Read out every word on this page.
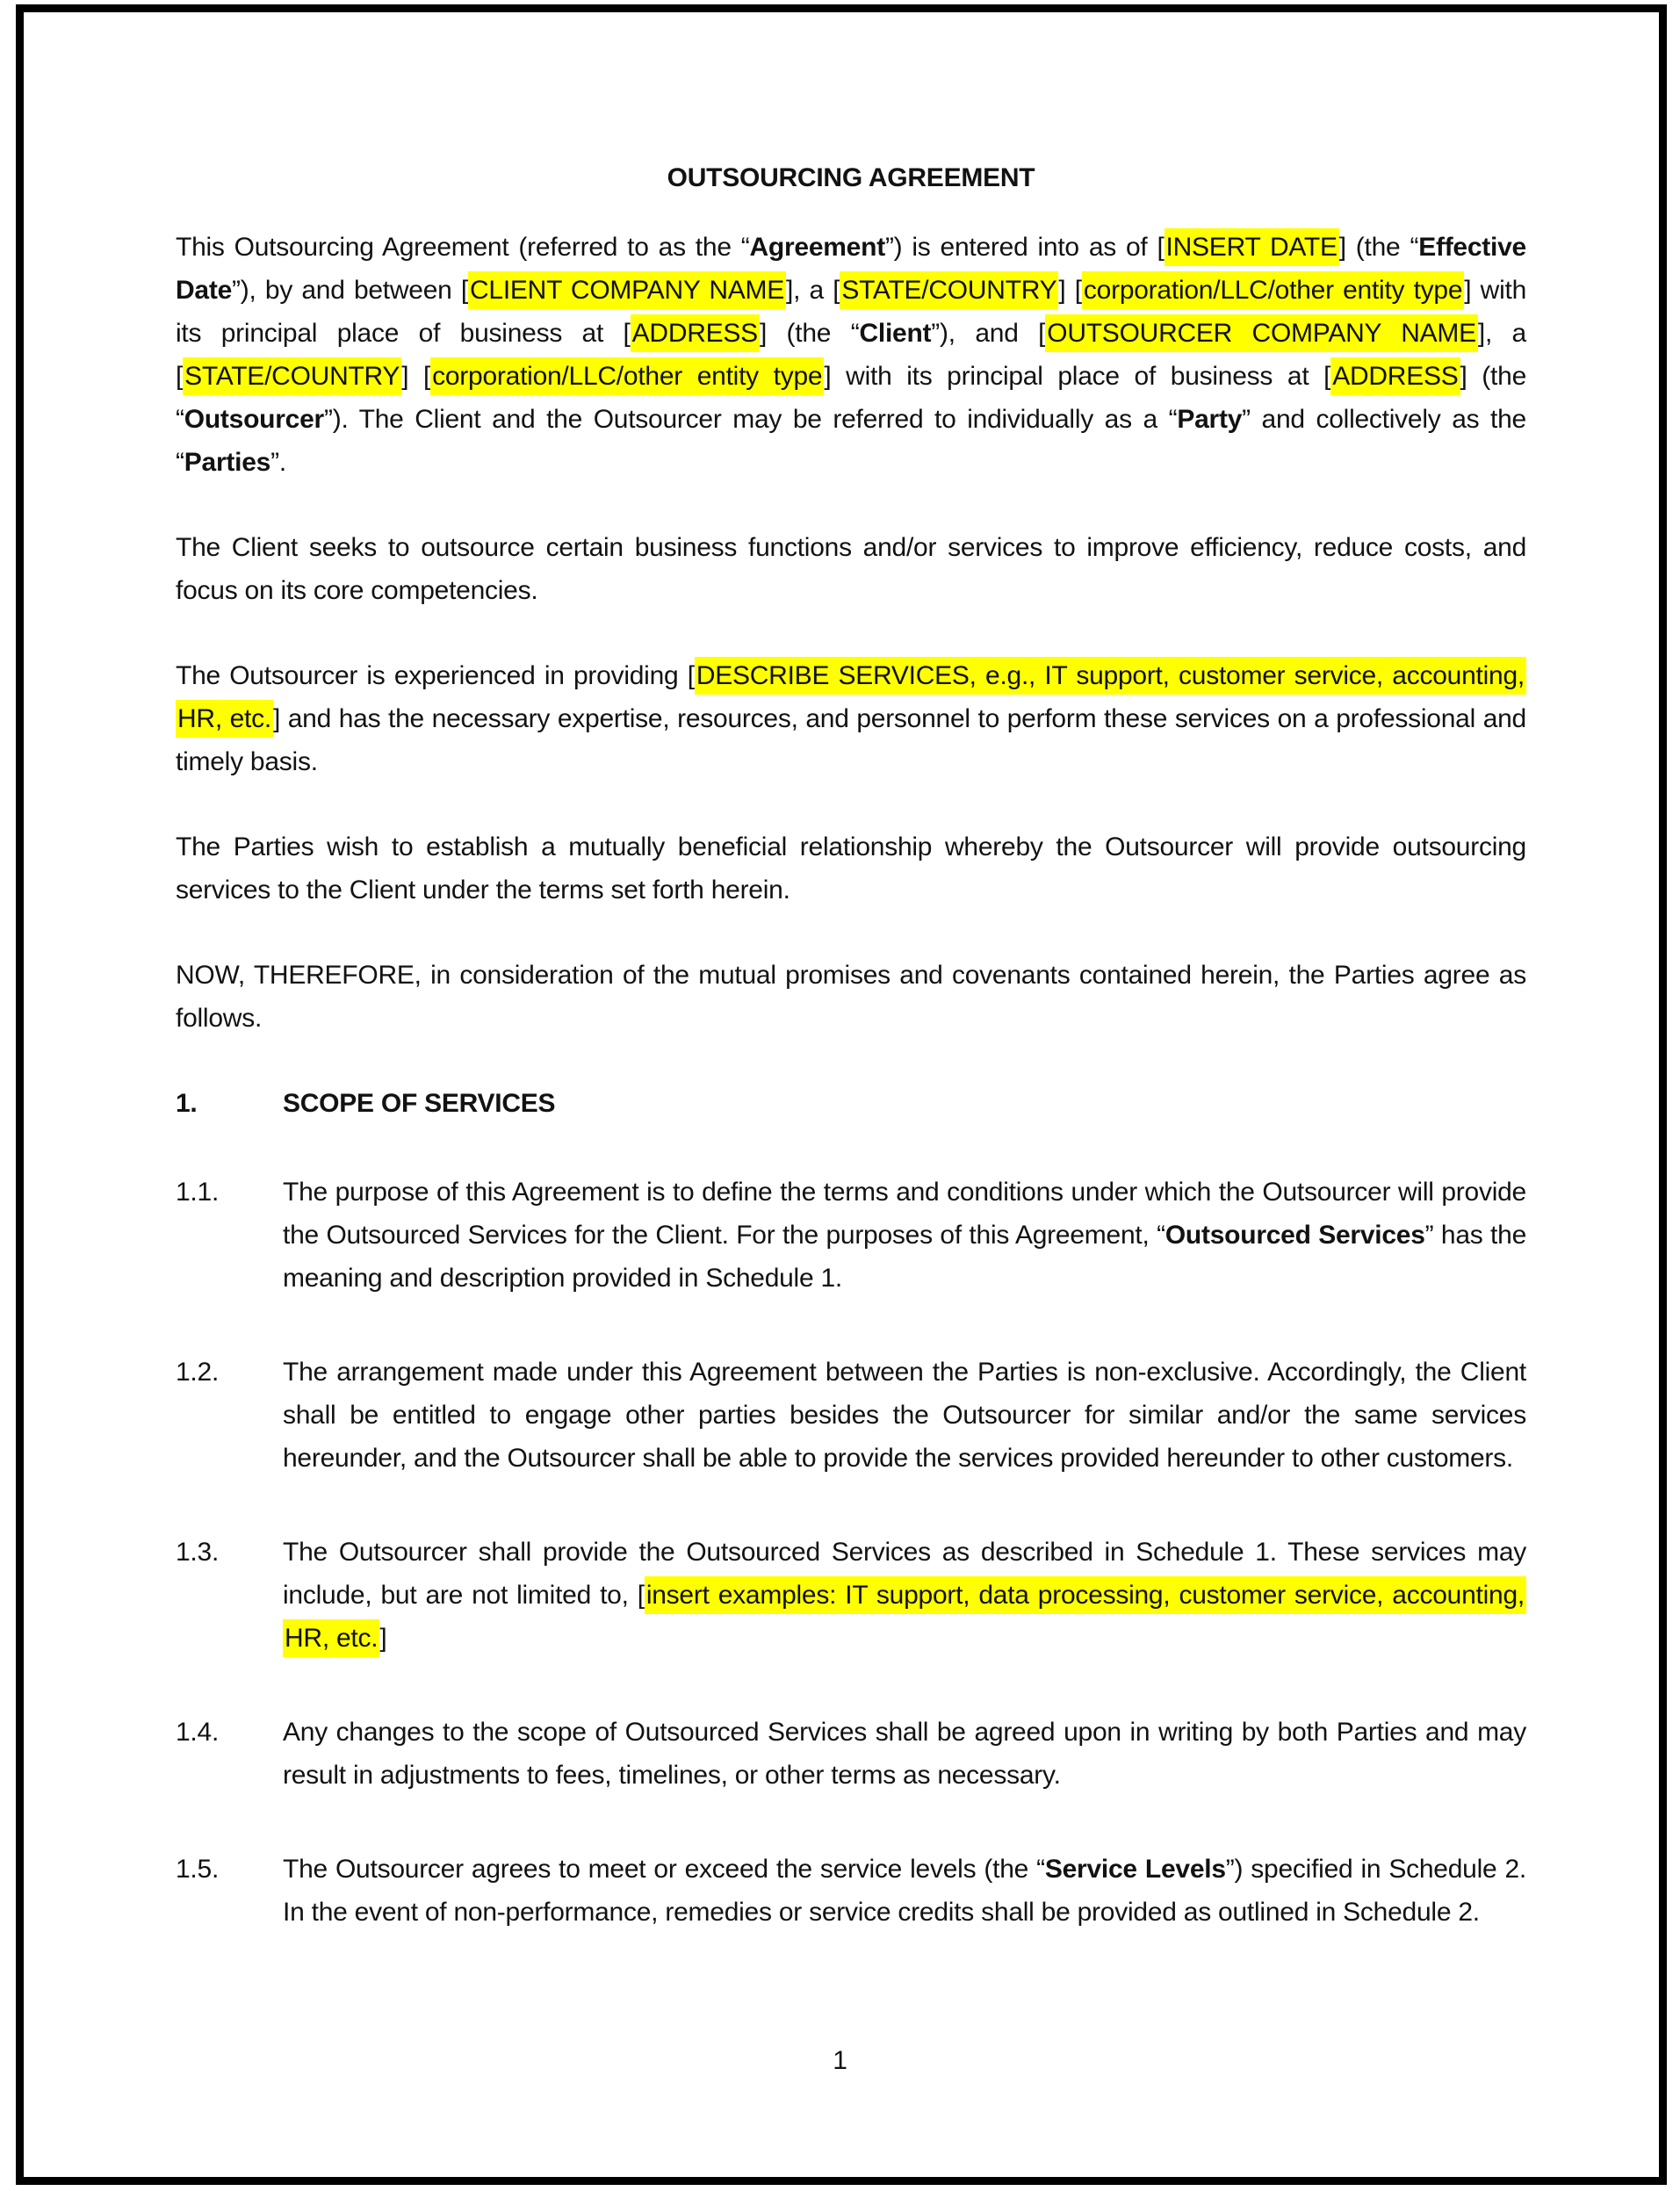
OUTSOURCING AGREEMENT

This Outsourcing Agreement (referred to as the “Agreement”) is entered into as of [INSERT DATE] (the “Effective Date”), by and between [CLIENT COMPANY NAME], a [STATE/COUNTRY] [corporation/LLC/other entity type] with its principal place of business at [ADDRESS] (the “Client”), and [OUTSOURCER COMPANY NAME], a [STATE/COUNTRY] [corporation/LLC/other entity type] with its principal place of business at [ADDRESS] (the “Outsourcer”). The Client and the Outsourcer may be referred to individually as a “Party” and collectively as the “Parties”.

The Client seeks to outsource certain business functions and/or services to improve efficiency, reduce costs, and focus on its core competencies.

The Outsourcer is experienced in providing [DESCRIBE SERVICES, e.g., IT support, customer service, accounting, HR, etc.] and has the necessary expertise, resources, and personnel to perform these services on a professional and timely basis.

The Parties wish to establish a mutually beneficial relationship whereby the Outsourcer will provide outsourcing services to the Client under the terms set forth herein.

NOW, THEREFORE, in consideration of the mutual promises and covenants contained herein, the Parties agree as follows.

1.	SCOPE OF SERVICES
1.1. The purpose of this Agreement is to define the terms and conditions under which the Outsourcer will provide the Outsourced Services for the Client. For the purposes of this Agreement, “Outsourced Services” has the meaning and description provided in Schedule 1.
1.2. The arrangement made under this Agreement between the Parties is non-exclusive. Accordingly, the Client shall be entitled to engage other parties besides the Outsourcer for similar and/or the same services hereunder, and the Outsourcer shall be able to provide the services provided hereunder to other customers.
1.3. The Outsourcer shall provide the Outsourced Services as described in Schedule 1. These services may include, but are not limited to, [insert examples: IT support, data processing, customer service, accounting, HR, etc.]
1.4. Any changes to the scope of Outsourced Services shall be agreed upon in writing by both Parties and may result in adjustments to fees, timelines, or other terms as necessary.
1.5. The Outsourcer agrees to meet or exceed the service levels (the “Service Levels”) specified in Schedule 2. In the event of non-performance, remedies or service credits shall be provided as outlined in Schedule 2.
1
